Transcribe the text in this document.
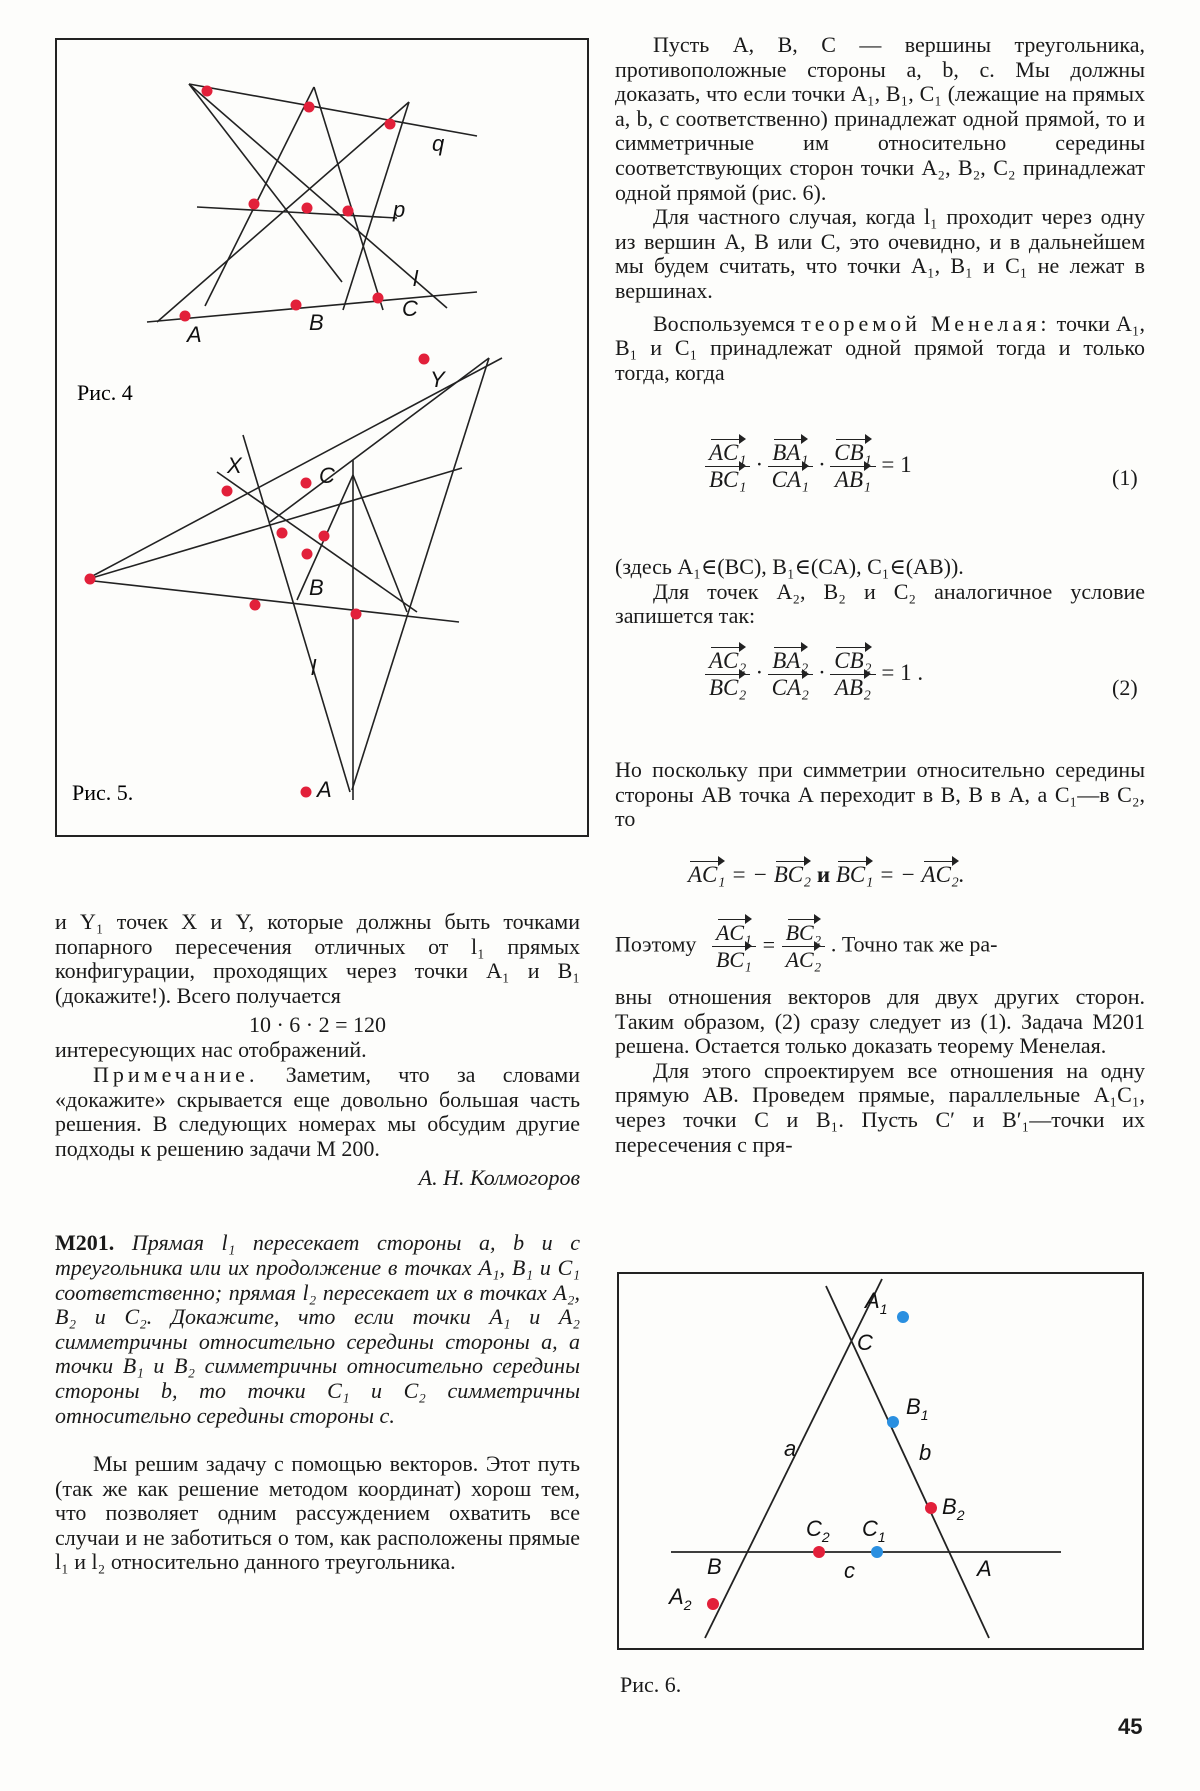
q
p
l
A	B
C
Рис. 4
X
Y
C
B
l
A
Рис. 5.

и Y₁ точек X и Y, которые должны быть точками попарного пересечения отличных от l₁ прямых конфигурации, проходящих через точки A₁ и B₁ (докажите!). Всего получается

10 · 6 · 2 = 120

интересующих нас отображений.

Примечание. Заметим, что за словами «докажите» скрывается еще довольно большая часть решения. В следующих номерах мы обсудим другие подходы к решению задачи М 200.

А. Н. Колмогоров

М201. Прямая l₁ пересекает стороны a, b и c треугольника или их продолжение в точках A₁, B₁ и C₁ соответственно; прямая l₂ пересекает их в точках A₂, B₂ и C₂. Докажите, что если точки A₁ и A₂ симметричны относительно середины стороны a, а точки B₁ и B₂ симметричны относительно середины стороны b, то точки C₁ и C₂ симметричны относительно середины стороны c.

Мы решим задачу с помощью векторов. Этот путь (так же как решение методом координат) хорош тем, что позволяет одним рассуждением охватить все случаи и не заботиться о том, как расположены прямые l₁ и l₂ относительно данного треугольника.

Пусть A, B, C — вершины треугольника, противоположные стороны a, b, c. Мы должны доказать, что если точки A₁, B₁, C₁ (лежащие на прямых a, b, c соответственно) принадлежат одной прямой, то и симметричные им относительно середины соответствующих сторон точки A₂, B₂, C₂ принадлежат одной прямой (рис. 6).

Для частного случая, когда l₁ проходит через одну из вершин A, B или C, это очевидно, и в дальнейшем мы будем считать, что точки A₁, B₁ и C₁ не лежат в вершинах.

Воспользуемся теоремой Менелая: точки A₁, B₁ и C₁ принадлежат одной прямой тогда и только тогда, когда

$\frac{\text{AC₁}}{\text{BC₁}} \cdot \frac{\text{BA₁}}{\text{CA₁}} \cdot \frac{\text{CB₁}}{\text{AB₁}} = 1$
(1)

(здесь A₁∈(BC), B₁∈(CA), C₁∈(AB)).

Для точек A₂, B₂ и C₂ аналогичное условие запишется так:

$\frac{\text{AC₂}}{\text{BC₂}} \cdot \frac{\text{BA₂}}{\text{CA₂}} \cdot \frac{\text{CB₂}}{\text{AB₂}} = 1$ .
(2)

Но поскольку при симметрии относительно середины стороны AB точка A переходит в B, B в A, а C₁—в C₂, то

AC₁ = − BC₂ и BC₁ = − AC₂.
Поэтому $\frac{\text{AC₁}}{\text{BC₁}} = \frac{\text{BC₂}}{\text{AC₂}}$ . Точно так же ра-

вны отношения векторов для двух других сторон. Таким образом, (2) сразу следует из (1). Задача М201 решена. Остается только доказать теорему Менелая.

Для этого спроектируем все отношения на одну прямую AB. Проведем прямые, параллельные A₁C₁, через точки C и B₁. Пусть C′ и B′₁—точки их пересечения с пря-

$A_1$
C
$B_1$
a	b
$B_2$
$C_2$ $C_1$
B	c	A
$A_2$
Рис. 6.
45
